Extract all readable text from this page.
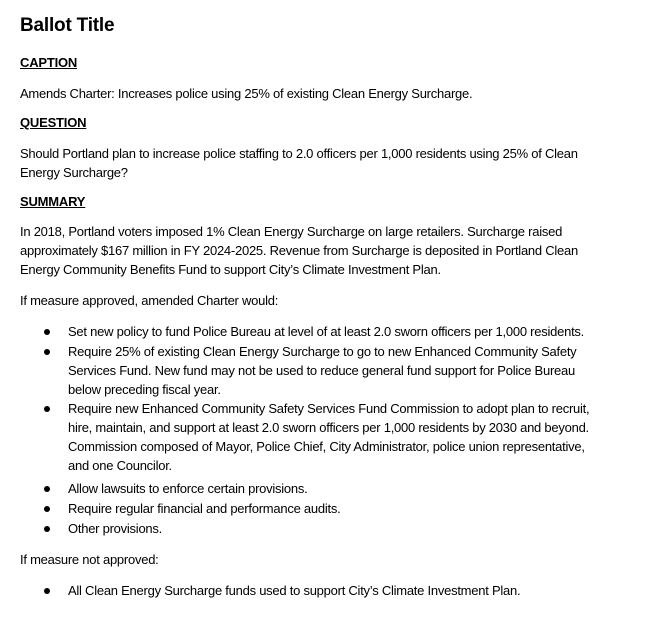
Ballot Title
CAPTION
Amends Charter: Increases police using 25% of existing Clean Energy Surcharge.
QUESTION
Should Portland plan to increase police staffing to 2.0 officers per 1,000 residents using 25% of Clean
Energy Surcharge?
SUMMARY
In 2018, Portland voters imposed 1% Clean Energy Surcharge on large retailers. Surcharge raised
approximately $167 million in FY 2024-2025. Revenue from Surcharge is deposited in Portland Clean
Energy Community Benefits Fund to support City’s Climate Investment Plan.
If measure approved, amended Charter would:
Set new policy to fund Police Bureau at level of at least 2.0 sworn officers per 1,000 residents.
Require 25% of existing Clean Energy Surcharge to go to new Enhanced Community Safety
Services Fund. New fund may not be used to reduce general fund support for Police Bureau
below preceding fiscal year.
Require new Enhanced Community Safety Services Fund Commission to adopt plan to recruit,
hire, maintain, and support at least 2.0 sworn officers per 1,000 residents by 2030 and beyond.
Commission composed of Mayor, Police Chief, City Administrator, police union representative,
and one Councilor.
Allow lawsuits to enforce certain provisions.
Require regular financial and performance audits.
Other provisions.
If measure not approved:
All Clean Energy Surcharge funds used to support City’s Climate Investment Plan.
